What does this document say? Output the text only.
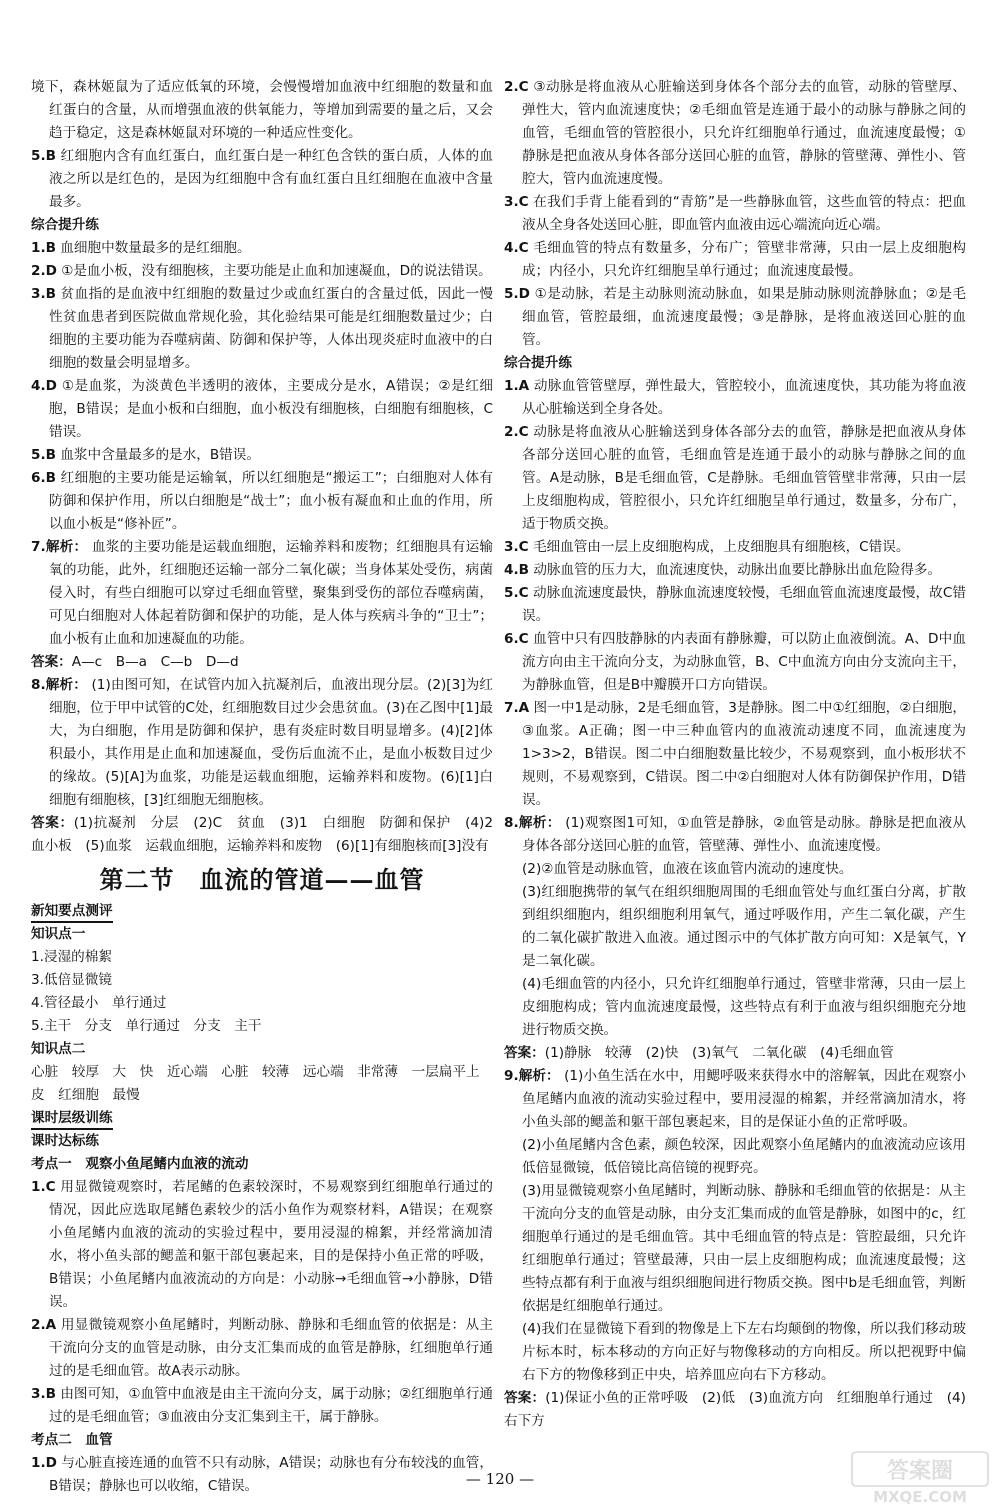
境下，森林姬鼠为了适应低氧的环境，会慢慢增加血液中红细胞的数量和血红蛋白的含量，从而增强血液的供氧能力，等增加到需要的量之后，又会趋于稳定，这是森林姬鼠对环境的一种适应性变化。

5.B 红细胞内含有血红蛋白，血红蛋白是一种红色含铁的蛋白质，人体的血液之所以是红色的，是因为红细胞中含有血红蛋白且红细胞在血液中含量最多。

综合提升练

1.B 血细胞中数量最多的是红细胞。

2.D ①是血小板，没有细胞核，主要功能是止血和加速凝血，D的说法错误。

3.B 贫血指的是血液中红细胞的数量过少或血红蛋白的含量过低，因此一慢性贫血患者到医院做血常规化验，其化验结果可能是红细胞数量过少；白细胞的主要功能为吞噬病菌、防御和保护等，人体出现炎症时血液中的白细胞的数量会明显增多。

4.D ①是血浆，为淡黄色半透明的液体，主要成分是水，A错误；②是红细胞，B错误；是血小板和白细胞，血小板没有细胞核，白细胞有细胞核，C错误。

5.B 血浆中含量最多的是水，B错误。

6.B 红细胞的主要功能是运输氧，所以红细胞是“搬运工”；白细胞对人体有防御和保护作用，所以白细胞是“战士”；血小板有凝血和止血的作用，所以血小板是“修补匠”。

7.解析： 血浆的主要功能是运载血细胞，运输养料和废物；红细胞具有运输氧的功能，此外，红细胞还运输一部分二氧化碳；当身体某处受伤，病菌侵入时，有些白细胞可以穿过毛细血管壁，聚集到受伤的部位吞噬病菌，可见白细胞对人体起着防御和保护的功能，是人体与疾病斗争的“卫士”；血小板有止血和加速凝血的功能。

答案：A—c　B—a　C—b　D—d

8.解析： (1)由图可知，在试管内加入抗凝剂后，血液出现分层。(2)[3]为红细胞，位于甲中试管的C处，红细胞数目过少会患贫血。(3)在乙图中[1]最大，为白细胞，作用是防御和保护，患有炎症时数目明显增多。(4)[2]体积最小，其作用是止血和加速凝血，受伤后血流不止，是血小板数目过少的缘故。(5)[A]为血浆，功能是运载血细胞，运输养料和废物。(6)[1]白细胞有细胞核，[3]红细胞无细胞核。

答案：(1)抗凝剂　分层　(2)C　贫血　(3)1　白细胞　防御和保护　(4)2　血小板　(5)血浆　运载血细胞，运输养料和废物　(6)[1]有细胞核而[3]没有

第二节　血流的管道——血管
新知要点测评

知识点一

1.浸湿的棉絮

3.低倍显微镜

4.管径最小　单行通过

5.主干　分支　单行通过　分支　主干

知识点二

心脏　较厚　大　快　近心端　心脏　较薄　远心端　非常薄　一层扁平上皮　红细胞　最慢

课时层级训练

课时达标练

考点一　观察小鱼尾鳍内血液的流动

1.C 用显微镜观察时，若尾鳍的色素较深时，不易观察到红细胞单行通过的情况，因此应选取尾鳍色素较少的活小鱼作为观察材料，A错误；在观察小鱼尾鳍内血液的流动的实验过程中，要用浸湿的棉絮，并经常滴加清水，将小鱼头部的鳃盖和躯干部包裹起来，目的是保持小鱼正常的呼吸，B错误；小鱼尾鳍内血液流动的方向是：小动脉→毛细血管→小静脉，D错误。

2.A 用显微镜观察小鱼尾鳍时，判断动脉、静脉和毛细血管的依据是：从主干流向分支的血管是动脉，由分支汇集而成的血管是静脉，红细胞单行通过的是毛细血管。故A表示动脉。

3.B 由图可知，①血管中血液是由主干流向分支，属于动脉；②红细胞单行通过的是毛细血管；③血液由分支汇集到主干，属于静脉。

考点二　血管

1.D 与心脏直接连通的血管不只有动脉，A错误；动脉也有分布较浅的血管，B错误；静脉也可以收缩，C错误。

2.C ③动脉是将血液从心脏输送到身体各个部分去的血管，动脉的管壁厚、弹性大，管内血流速度快；②毛细血管是连通于最小的动脉与静脉之间的血管，毛细血管的管腔很小，只允许红细胞单行通过，血流速度最慢；①静脉是把血液从身体各部分送回心脏的血管，静脉的管壁薄、弹性小、管腔大，管内血流速度慢。

3.C 在我们手背上能看到的“青筋”是一些静脉血管，这些血管的特点：把血液从全身各处送回心脏，即血管内血液由远心端流向近心端。

4.C 毛细血管的特点有数量多，分布广；管壁非常薄，只由一层上皮细胞构成；内径小，只允许红细胞呈单行通过；血流速度最慢。

5.D ①是动脉，若是主动脉则流动脉血，如果是肺动脉则流静脉血；②是毛细血管，管腔最细，血流速度最慢；③是静脉，是将血液送回心脏的血管。

综合提升练

1.A 动脉血管管壁厚，弹性最大，管腔较小，血流速度快，其功能为将血液从心脏输送到全身各处。

2.C 动脉是将血液从心脏输送到身体各部分去的血管，静脉是把血液从身体各部分送回心脏的血管，毛细血管是连通于最小的动脉与静脉之间的血管。A是动脉，B是毛细血管，C是静脉。毛细血管管壁非常薄，只由一层上皮细胞构成，管腔很小，只允许红细胞呈单行通过，数量多，分布广，适于物质交换。

3.C 毛细血管由一层上皮细胞构成，上皮细胞具有细胞核，C错误。

4.B 动脉血管的压力大，血流速度快，动脉出血要比静脉出血危险得多。

5.C 动脉血流速度最快，静脉血流速度较慢，毛细血管血流速度最慢，故C错误。

6.C 血管中只有四肢静脉的内表面有静脉瓣，可以防止血液倒流。A、D中血流方向由主干流向分支，为动脉血管，B、C中血流方向由分支流向主干，为静脉血管，但是B中瓣膜开口方向错误。

7.A 图一中1是动脉，2是毛细血管，3是静脉。图二中①红细胞，②白细胞，③血浆。A正确；图一中三种血管内的血液流动速度不同，血流速度为1>3>2，B错误。图二中白细胞数量比较少，不易观察到，血小板形状不规则，不易观察到，C错误。图二中②白细胞对人体有防御保护作用，D错误。

8.解析： (1)观察图1可知，①血管是静脉，②血管是动脉。静脉是把血液从身体各部分送回心脏的血管，管壁薄、弹性小、血流速度慢。

(2)②血管是动脉血管，血液在该血管内流动的速度快。

(3)红细胞携带的氧气在组织细胞周围的毛细血管处与血红蛋白分离，扩散到组织细胞内，组织细胞利用氧气，通过呼吸作用，产生二氧化碳，产生的二氧化碳扩散进入血液。通过图示中的气体扩散方向可知：X是氧气，Y是二氧化碳。

(4)毛细血管的内径小，只允许红细胞单行通过，管壁非常薄，只由一层上皮细胞构成；管内血流速度最慢，这些特点有利于血液与组织细胞充分地进行物质交换。

答案：(1)静脉　较薄　(2)快　(3)氧气　二氧化碳　(4)毛细血管

9.解析： (1)小鱼生活在水中，用鳃呼吸来获得水中的溶解氧，因此在观察小鱼尾鳍内血液的流动实验过程中，要用浸湿的棉絮，并经常滴加清水，将小鱼头部的鳃盖和躯干部包裹起来，目的是保证小鱼的正常呼吸。

(2)小鱼尾鳍内含色素，颜色较深，因此观察小鱼尾鳍内的血液流动应该用低倍显微镜，低倍镜比高倍镜的视野亮。

(3)用显微镜观察小鱼尾鳍时，判断动脉、静脉和毛细血管的依据是：从主干流向分支的血管是动脉，由分支汇集而成的血管是静脉，如图中的c，红细胞单行通过的是毛细血管。其中毛细血管的特点是：管腔最细，只允许红细胞单行通过；管壁最薄，只由一层上皮细胞构成；血流速度最慢；这些特点都有利于血液与组织细胞间进行物质交换。图中b是毛细血管，判断依据是红细胞单行通过。

(4)我们在显微镜下看到的物像是上下左右均颠倒的物像，所以我们移动玻片标本时，标本移动的方向正好与物像移动的方向相反。所以把视野中偏右下方的物像移到正中央，培养皿应向右下方移动。

答案：(1)保证小鱼的正常呼吸　(2)低　(3)血流方向　红细胞单行通过　(4)右下方

— 120 —	答案圈
MXQE.COM
